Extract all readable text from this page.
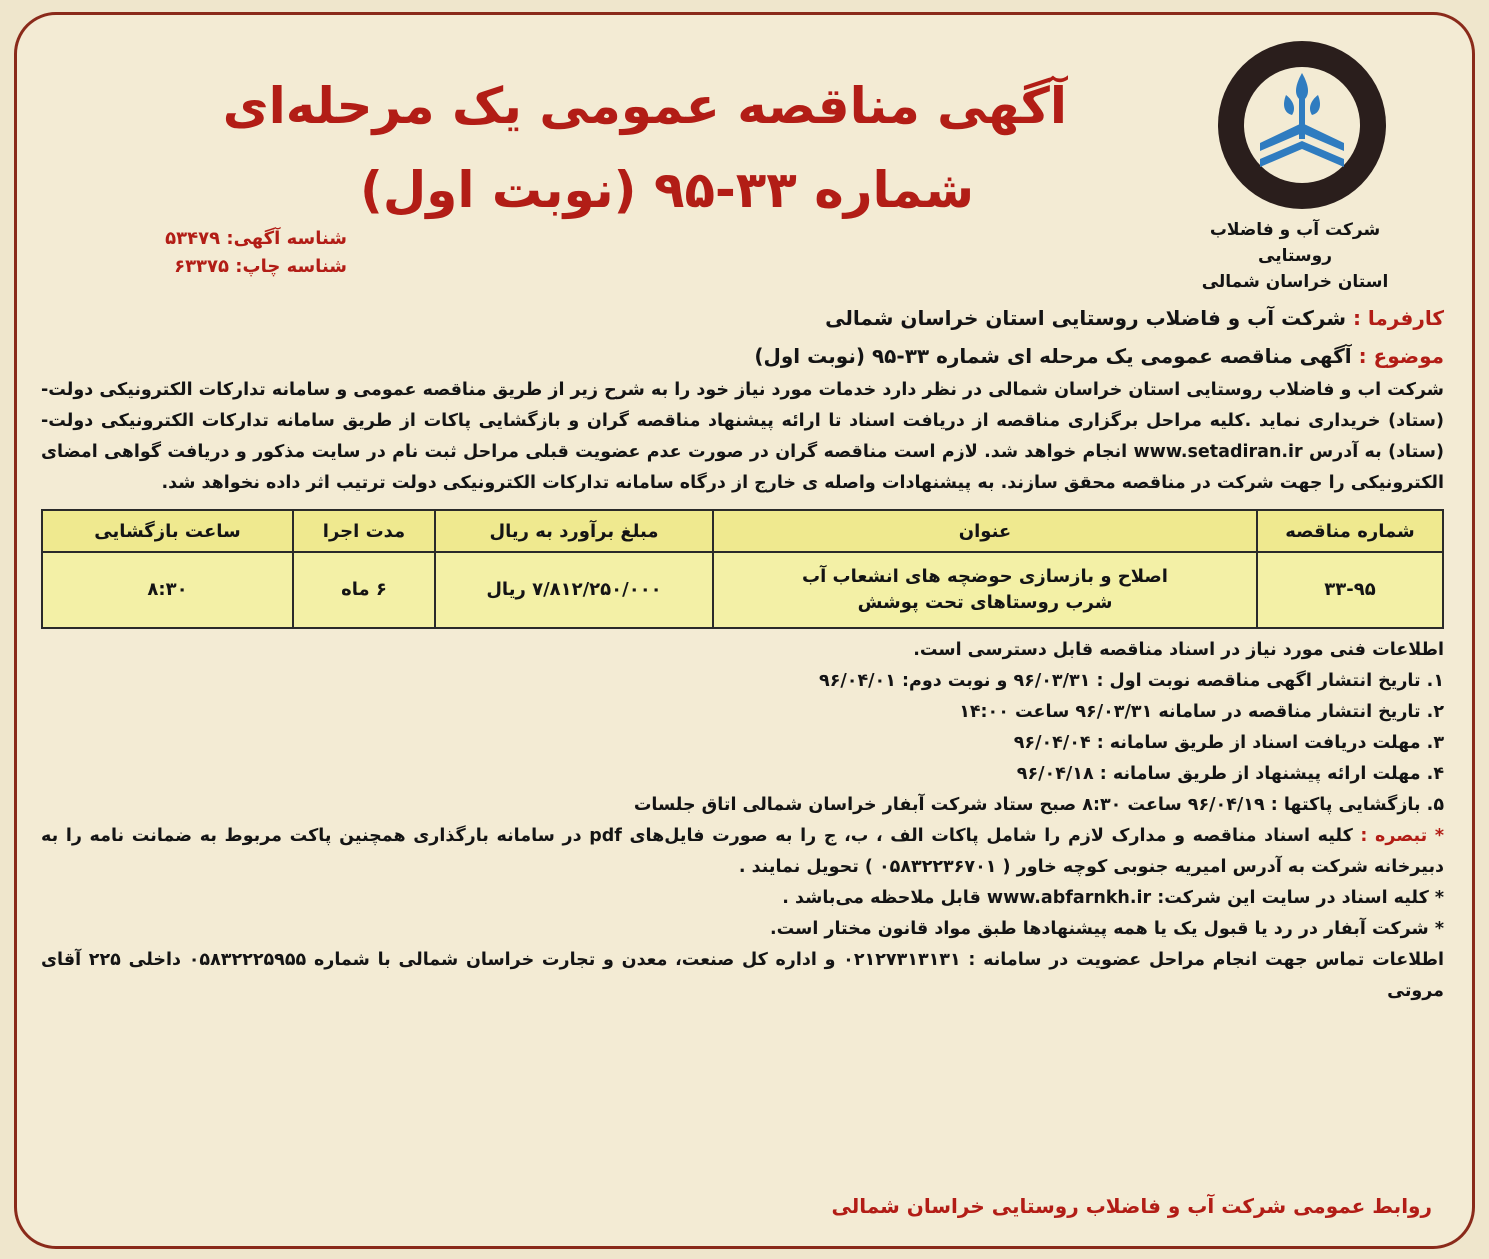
شرکت آب و فاضلاب روستایی
استان خراسان شمالی
آگهی مناقصه عمومی یک مرحله‌ای
شماره ۳۳-۹۵ (نوبت اول)
شناسه آگهی: ۵۳۴۷۹
شناسه چاپ: ۶۳۳۷۵
کارفرما : شرکت آب و فاضلاب روستایی استان خراسان شمالی
موضوع : آگهی مناقصه عمومی یک مرحله ای شماره ۳۳-۹۵ (نوبت اول)

شرکت اب و فاضلاب روستایی استان خراسان شمالی در نظر دارد خدمات مورد نیاز خود را به شرح زیر از طریق مناقصه عمومی و سامانه تدارکات الکترونیکی دولت- (ستاد) خریداری نماید .کلیه مراحل برگزاری مناقصه از دریافت اسناد تا ارائه پیشنهاد مناقصه گران و بازگشایی پاکات از طریق سامانه تدارکات الکترونیکی دولت- (ستاد) به آدرس www.setadiran.ir انجام خواهد شد. لازم است مناقصه گران در صورت عدم عضویت قبلی مراحل ثبت نام در سایت مذکور و دریافت گواهی امضای الکترونیکی را جهت شرکت در مناقصه محقق سازند. به پیشنهادات واصله ی خارج از درگاه سامانه تدارکات الکترونیکی دولت ترتیب اثر داده نخواهد شد.

شماره مناقصه	عنوان	مبلغ برآورد به ریال	مدت اجرا	ساعت بازگشایی
۳۳-۹۵	اصلاح و بازسازی حوضچه های انشعاب آب
شرب روستاهای تحت پوشش	۷/۸۱۲/۲۵۰/۰۰۰ ریال	۶ ماه	۸:۳۰
اطلاعات فنی مورد نیاز در اسناد مناقصه قابل دسترسی است.
۱. تاریخ انتشار اگهی مناقصه نوبت اول : ۹۶/۰۳/۳۱ و نوبت دوم: ۹۶/۰۴/۰۱
۲. تاریخ انتشار مناقصه در سامانه ۹۶/۰۳/۳۱ ساعت ۱۴:۰۰
۳. مهلت دریافت اسناد از طریق سامانه : ۹۶/۰۴/۰۴
۴. مهلت ارائه پیشنهاد از طریق سامانه : ۹۶/۰۴/۱۸
۵. بازگشایی پاکتها : ۹۶/۰۴/۱۹ ساعت ۸:۳۰ صبح ستاد شرکت آبفار خراسان شمالی اتاق جلسات

* تبصره : کلیه اسناد مناقصه و مدارک لازم را شامل پاکات الف ، ب، ج را به صورت فایل‌های pdf در سامانه بارگذاری همچنین پاکت مربوط به ضمانت نامه را به دبیرخانه شرکت به آدرس امیریه جنوبی کوچه خاور ( ۰۵۸۳۲۲۳۶۷۰۱ ) تحویل نمایند .

* کلیه اسناد در سایت این شرکت: www.abfarnkh.ir قابل ملاحظه می‌باشد .
* شرکت آبفار در رد یا قبول یک یا همه پیشنهادها طبق مواد قانون مختار است.

اطلاعات تماس جهت انجام مراحل عضویت در سامانه : ۰۲۱۲۷۳۱۳۱۳۱ و اداره کل صنعت، معدن و تجارت خراسان شمالی با شماره ۰۵۸۳۲۲۲۵۹۵۵ داخلی ۲۲۵ آقای مروتی

روابط عمومی شرکت آب و فاضلاب روستایی خراسان شمالی
